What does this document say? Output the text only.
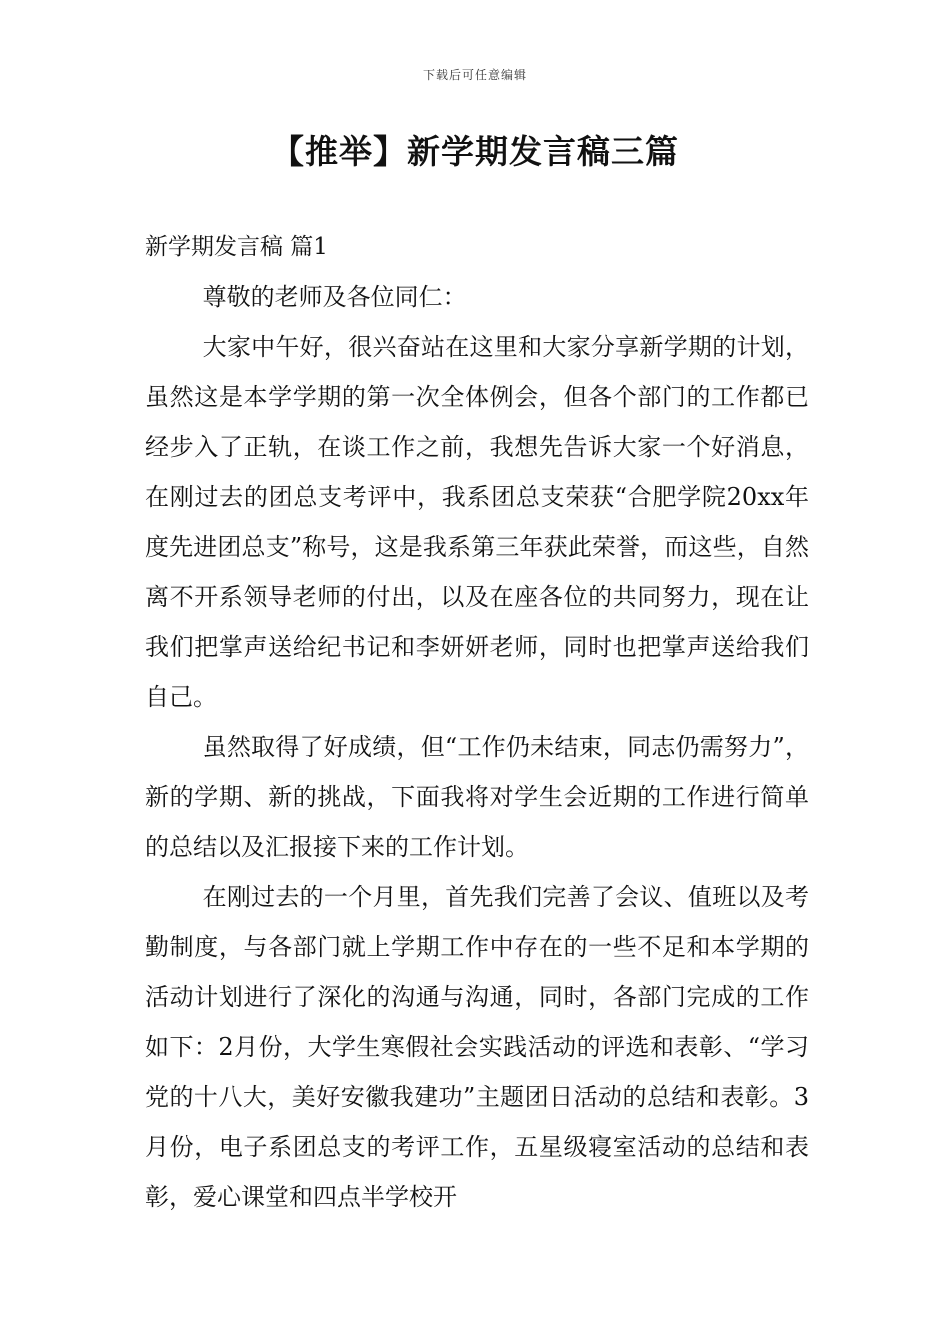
下载后可任意编辑
【推举】新学期发言稿三篇

新学期发言稿 篇1

尊敬的老师及各位同仁：

大家中午好，很兴奋站在这里和大家分享新学期的计划，虽然这是本学学期的第一次全体例会，但各个部门的工作都已经步入了正轨，在谈工作之前，我想先告诉大家一个好消息，在刚过去的团总支考评中，我系团总支荣获“合肥学院20xx年度先进团总支”称号，这是我系第三年获此荣誉，而这些，自然离不开系领导老师的付出，以及在座各位的共同努力，现在让我们把掌声送给纪书记和李妍妍老师，同时也把掌声送给我们自己。

虽然取得了好成绩，但“工作仍未结束，同志仍需努力”，新的学期、新的挑战，下面我将对学生会近期的工作进行简单的总结以及汇报接下来的工作计划。

在刚过去的一个月里，首先我们完善了会议、值班以及考勤制度，与各部门就上学期工作中存在的一些不足和本学期的活动计划进行了深化的沟通与沟通，同时，各部门完成的工作如下：2月份，大学生寒假社会实践活动的评选和表彰、“学习党的十八大，美好安徽我建功”主题团日活动的总结和表彰。3月份，电子系团总支的考评工作，五星级寝室活动的总结和表彰，爱心课堂和四点半学校开
